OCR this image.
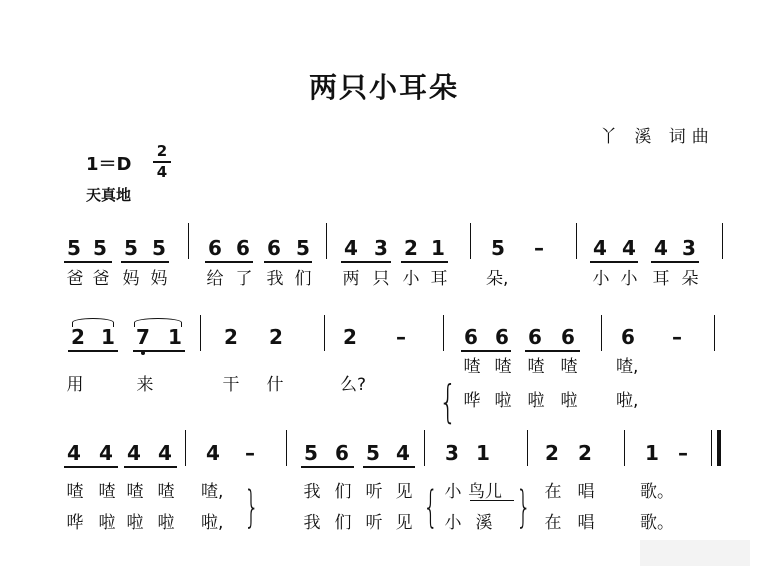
两只小耳朵
丫 溪 词曲
1＝D
2
4
天真地
5 5 5 5 6 6 6 5 4 3 2 1 5	–	4 4 4 3
爸 爸 妈 妈 给 了 我 们 两 只 小 耳 朵,	小 小 耳 朵
2 1 7 1 2 2	2	–	6 6 6 6 6	–
用	来	干 什	么?	{
喳 喳 喳 喳 喳,
哗 啦 啦 啦 啦,
4 4 4 4 4	–	5 6 5 4 3 1	2 2	1 –
喳 喳 喳 喳 喳,	我 们 听 见 小 鸟儿	在 唱	歌。
哗 啦 啦 啦 啦,	我 们 听 见 小 溪	在 唱	歌。
}	{	}
